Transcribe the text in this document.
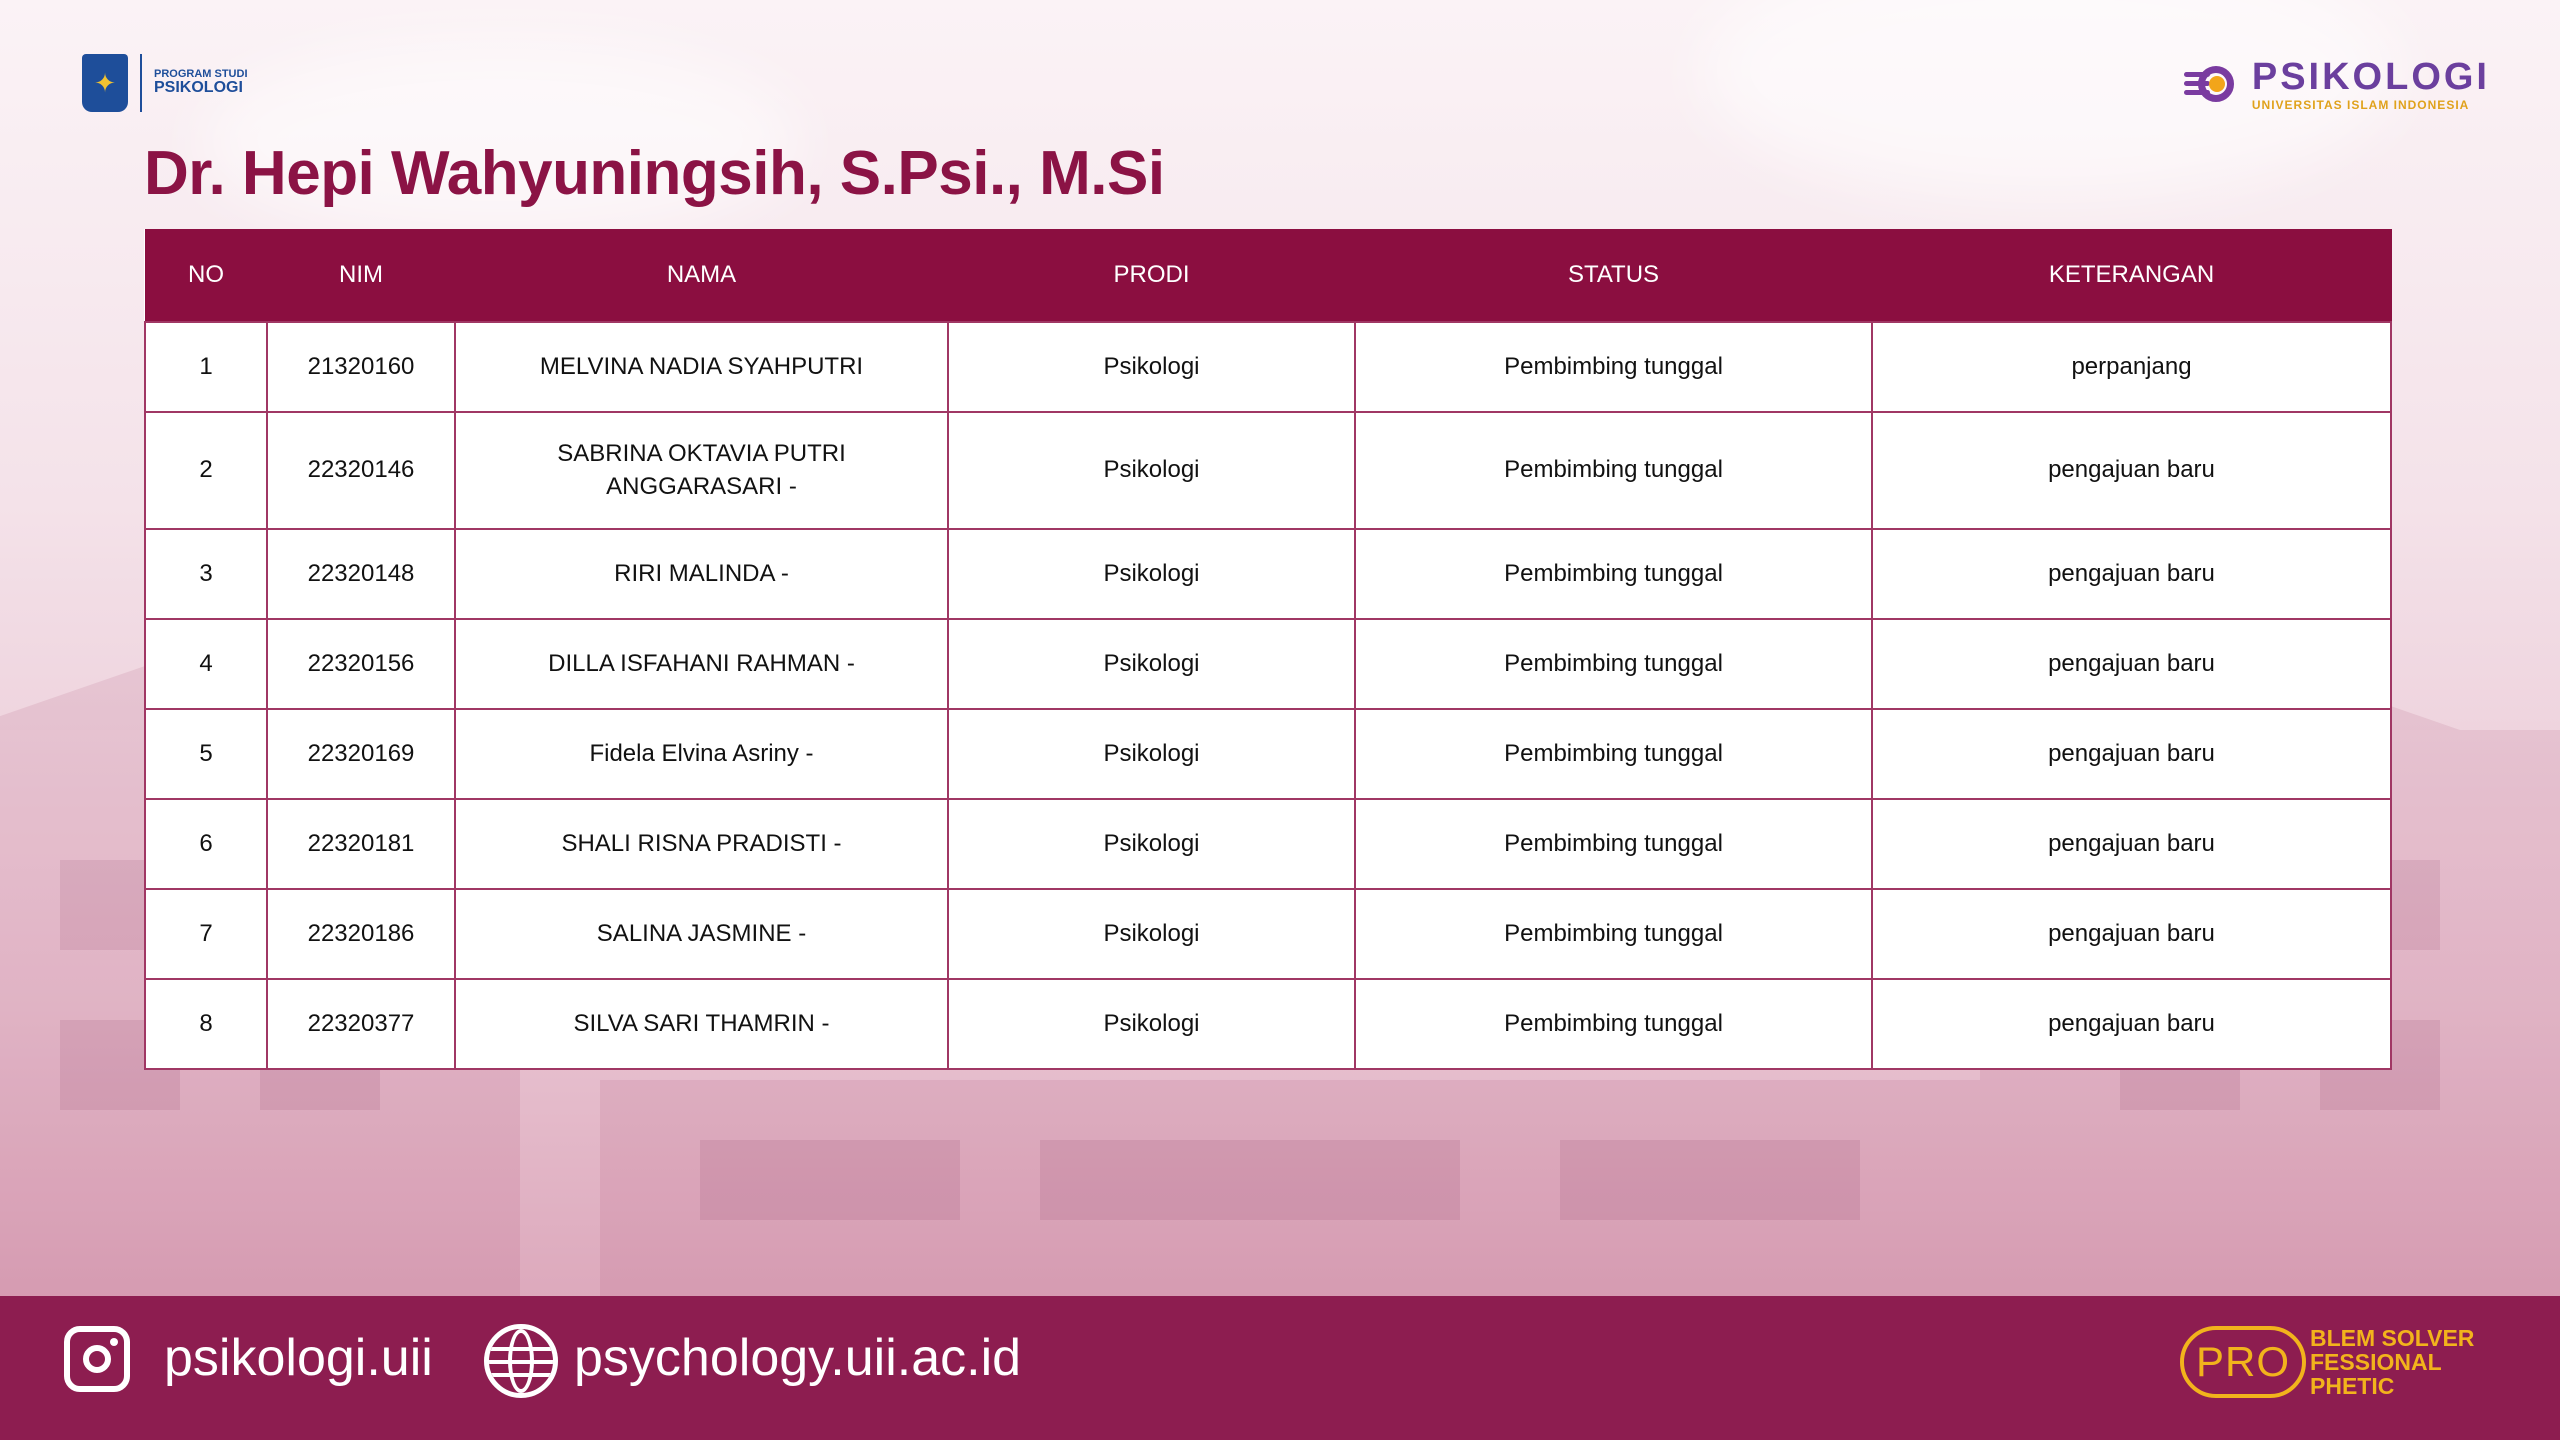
✦	PROGRAM STUDI
PSIKOLOGI	PSIKOLOGI
UNIVERSITAS ISLAM INDONESIA
Dr. Hepi Wahyuningsih, S.Psi., M.Si
NO	NIM	NAMA	PRODI	STATUS	KETERANGAN
1	21320160	MELVINA NADIA SYAHPUTRI	Psikologi	Pembimbing tunggal	perpanjang
2	22320146	SABRINA OKTAVIA PUTRI ANGGARASARI -	Psikologi	Pembimbing tunggal	pengajuan baru
3	22320148	RIRI MALINDA -	Psikologi	Pembimbing tunggal	pengajuan baru
4	22320156	DILLA ISFAHANI RAHMAN -	Psikologi	Pembimbing tunggal	pengajuan baru
5	22320169	Fidela Elvina Asriny -	Psikologi	Pembimbing tunggal	pengajuan baru
6	22320181	SHALI RISNA PRADISTI -	Psikologi	Pembimbing tunggal	pengajuan baru
7	22320186	SALINA JASMINE -	Psikologi	Pembimbing tunggal	pengajuan baru
8	22320377	SILVA SARI THAMRIN -	Psikologi	Pembimbing tunggal	pengajuan baru
psikologi.uii	psychology.uii.ac.id	PRO
BLEM SOLVER
FESSIONAL
PHETIC
